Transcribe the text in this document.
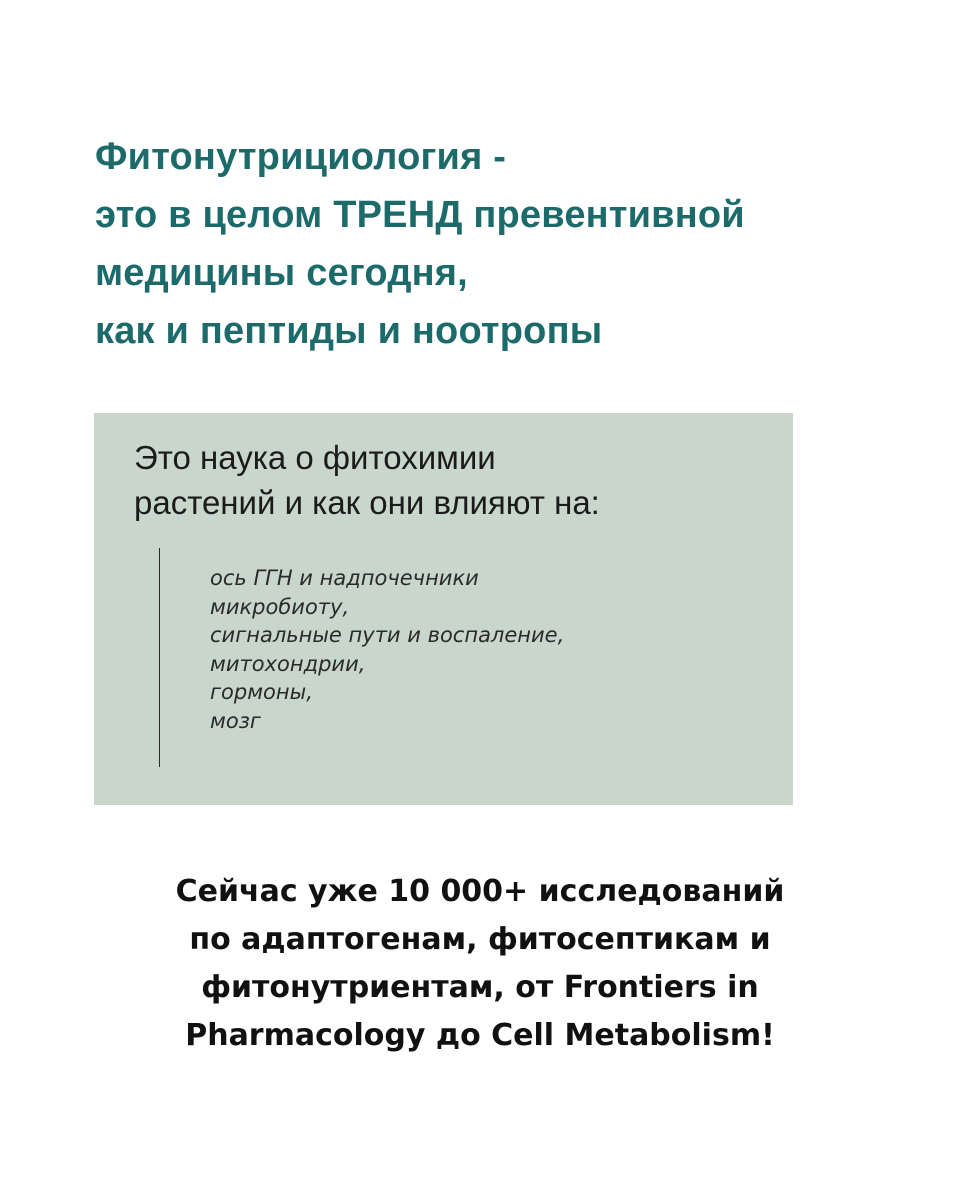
Фитонутрициология -
это в целом ТРЕНД превентивной
медицины сегодня,
как и пептиды и ноотропы

Это наука о фитохимии
растений и как они влияют на:

ось ГГН и надпочечники
микробиоту,
сигнальные пути и воспаление,
митохондрии,
гормоны,
мозг

Сейчас уже 10 000+ исследований
по адаптогенам, фитосептикам и
фитонутриентам, от Frontiers in
Pharmacology до Cell Metabolism!
